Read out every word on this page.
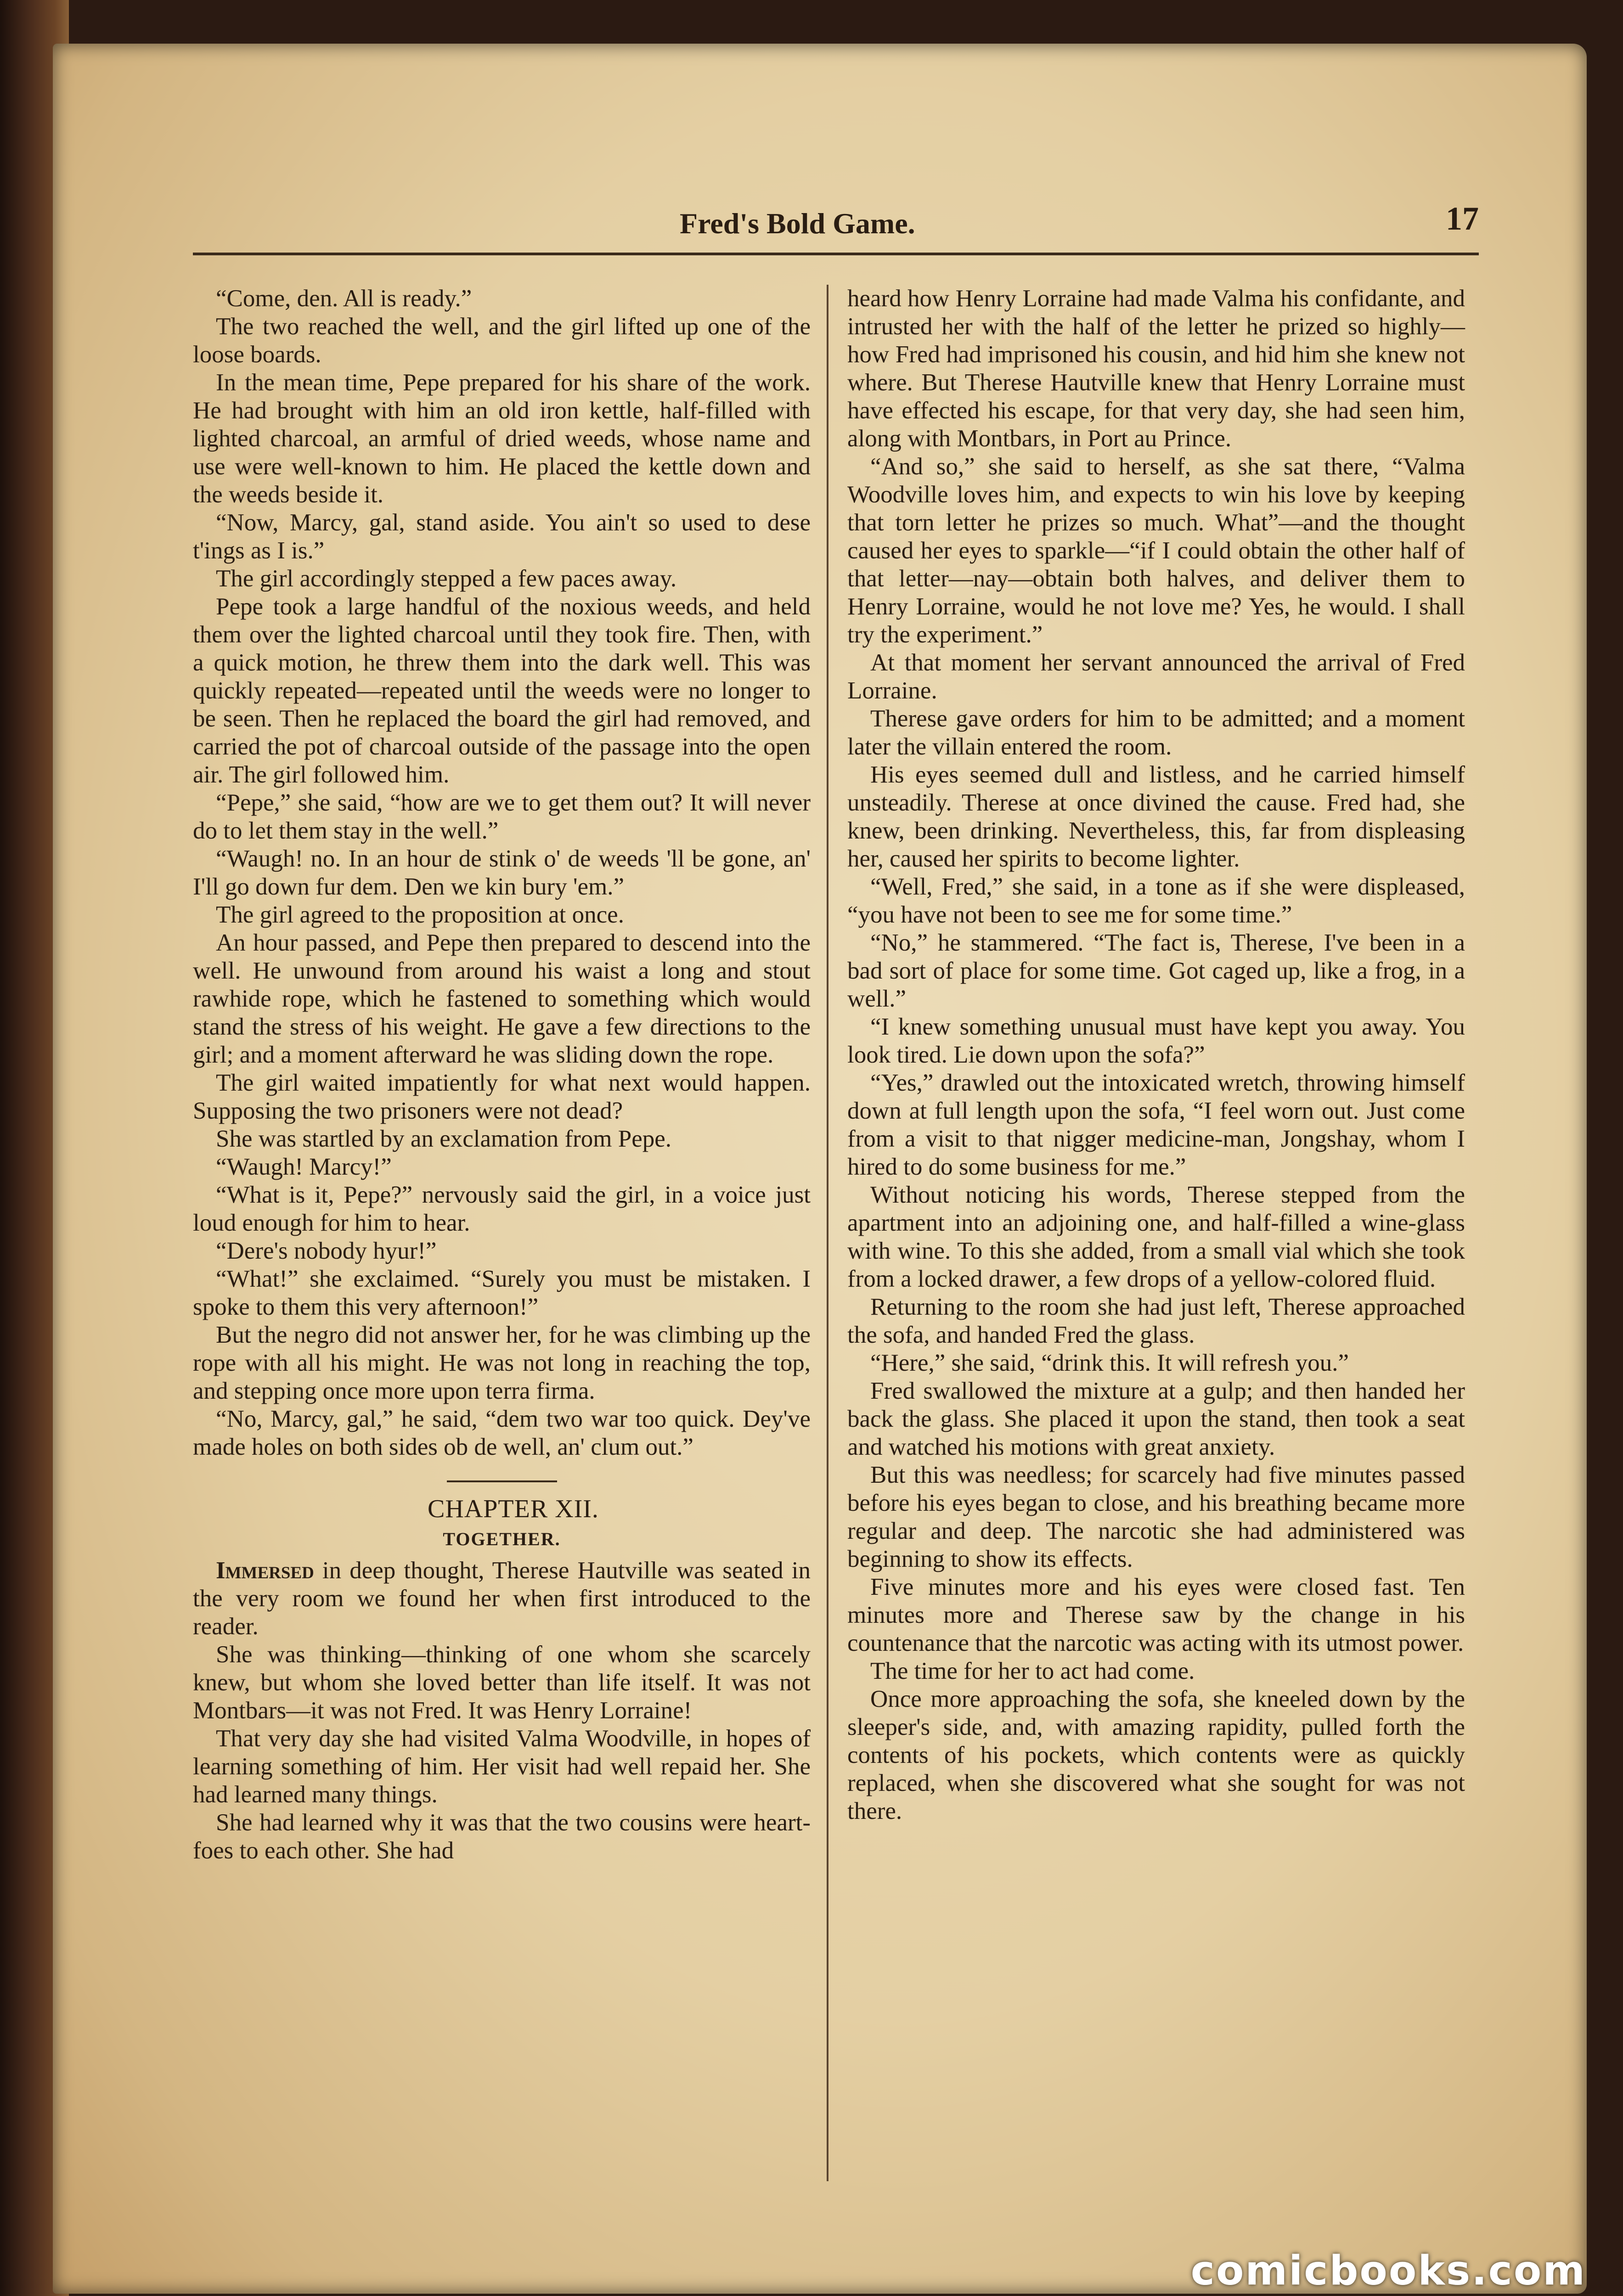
Fred's Bold Game.	17

“Come, den. All is ready.”

The two reached the well, and the girl lifted up one of the loose boards.

In the mean time, Pepe prepared for his share of the work. He had brought with him an old iron kettle, half-filled with lighted charcoal, an armful of dried weeds, whose name and use were well-known to him. He placed the kettle down and the weeds beside it.

“Now, Marcy, gal, stand aside. You ain't so used to dese t'ings as I is.”

The girl accordingly stepped a few paces away.

Pepe took a large handful of the noxious weeds, and held them over the lighted charcoal until they took fire. Then, with a quick motion, he threw them into the dark well. This was quickly repeated—repeated until the weeds were no longer to be seen. Then he replaced the board the girl had removed, and carried the pot of charcoal outside of the passage into the open air. The girl followed him.

“Pepe,” she said, “how are we to get them out? It will never do to let them stay in the well.”

“Waugh! no. In an hour de stink o' de weeds 'll be gone, an' I'll go down fur dem. Den we kin bury 'em.”

The girl agreed to the proposition at once.

An hour passed, and Pepe then prepared to descend into the well. He unwound from around his waist a long and stout rawhide rope, which he fastened to something which would stand the stress of his weight. He gave a few directions to the girl; and a moment afterward he was sliding down the rope.

The girl waited impatiently for what next would happen. Supposing the two prisoners were not dead?

She was startled by an exclamation from Pepe.

“Waugh! Marcy!”

“What is it, Pepe?” nervously said the girl, in a voice just loud enough for him to hear.

“Dere's nobody hyur!”

“What!” she exclaimed. “Surely you must be mistaken. I spoke to them this very afternoon!”

But the negro did not answer her, for he was climbing up the rope with all his might. He was not long in reaching the top, and stepping once more upon terra firma.

“No, Marcy, gal,” he said, “dem two war too quick. Dey've made holes on both sides ob de well, an' clum out.”

CHAPTER XII.

TOGETHER.

Immersed in deep thought, Therese Hautville was seated in the very room we found her when first introduced to the reader.

She was thinking—thinking of one whom she scarcely knew, but whom she loved better than life itself. It was not Montbars—it was not Fred. It was Henry Lorraine!

That very day she had visited Valma Woodville, in hopes of learning something of him. Her visit had well repaid her. She had learned many things.

She had learned why it was that the two cousins were heart-foes to each other. She had

heard how Henry Lorraine had made Valma his confidante, and intrusted her with the half of the letter he prized so highly—how Fred had imprisoned his cousin, and hid him she knew not where. But Therese Hautville knew that Henry Lorraine must have effected his escape, for that very day, she had seen him, along with Montbars, in Port au Prince.

“And so,” she said to herself, as she sat there, “Valma Woodville loves him, and expects to win his love by keeping that torn letter he prizes so much. What”—and the thought caused her eyes to sparkle—“if I could obtain the other half of that letter—nay—obtain both halves, and deliver them to Henry Lorraine, would he not love me? Yes, he would. I shall try the experiment.”

At that moment her servant announced the arrival of Fred Lorraine.

Therese gave orders for him to be admitted; and a moment later the villain entered the room.

His eyes seemed dull and listless, and he carried himself unsteadily. Therese at once divined the cause. Fred had, she knew, been drinking. Nevertheless, this, far from displeasing her, caused her spirits to become lighter.

“Well, Fred,” she said, in a tone as if she were displeased, “you have not been to see me for some time.”

“No,” he stammered. “The fact is, Therese, I've been in a bad sort of place for some time. Got caged up, like a frog, in a well.”

“I knew something unusual must have kept you away. You look tired. Lie down upon the sofa?”

“Yes,” drawled out the intoxicated wretch, throwing himself down at full length upon the sofa, “I feel worn out. Just come from a visit to that nigger medicine-man, Jongshay, whom I hired to do some business for me.”

Without noticing his words, Therese stepped from the apartment into an adjoining one, and half-filled a wine-glass with wine. To this she added, from a small vial which she took from a locked drawer, a few drops of a yellow-colored fluid.

Returning to the room she had just left, Therese approached the sofa, and handed Fred the glass.

“Here,” she said, “drink this. It will refresh you.”

Fred swallowed the mixture at a gulp; and then handed her back the glass. She placed it upon the stand, then took a seat and watched his motions with great anxiety.

But this was needless; for scarcely had five minutes passed before his eyes began to close, and his breathing became more regular and deep. The narcotic she had administered was beginning to show its effects.

Five minutes more and his eyes were closed fast. Ten minutes more and Therese saw by the change in his countenance that the narcotic was acting with its utmost power.

The time for her to act had come.

Once more approaching the sofa, she kneeled down by the sleeper's side, and, with amazing rapidity, pulled forth the contents of his pockets, which contents were as quickly replaced, when she discovered what she sought for was not there.

comicbooks.com
